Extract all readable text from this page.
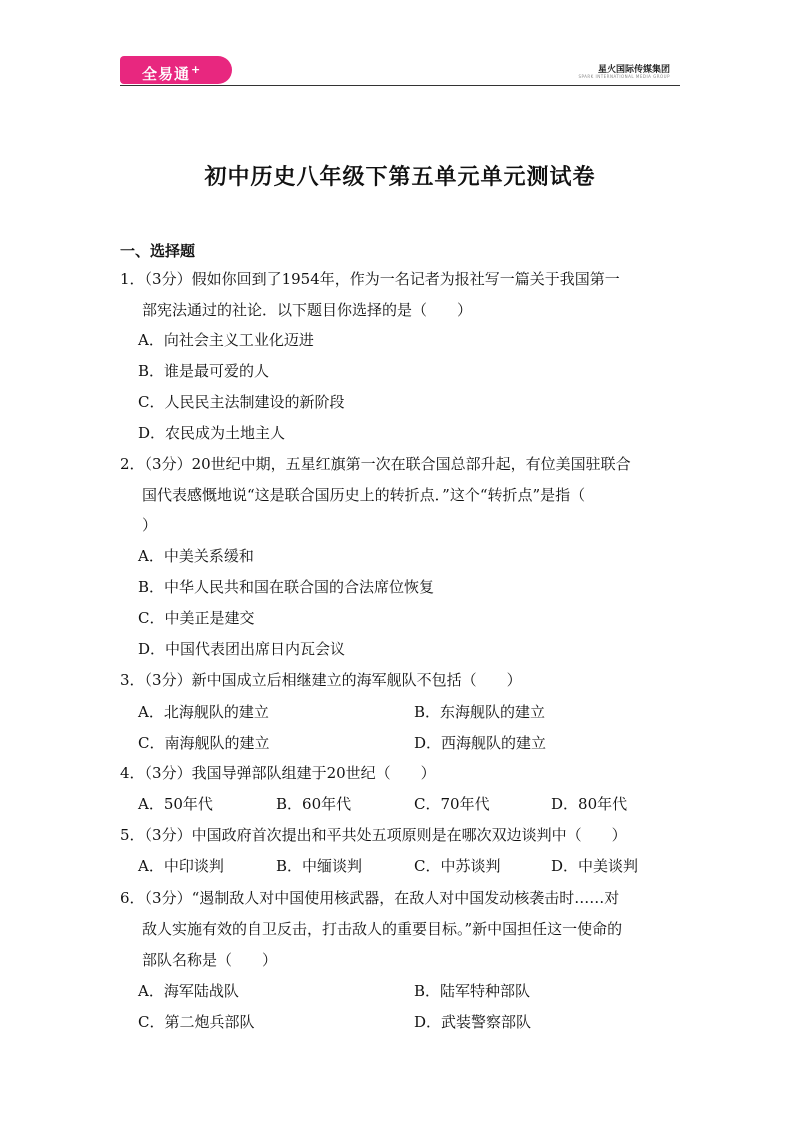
全易通+	星火国际传媒集团
SPARK INTERNATIONAL MEDIA GROUP
初中历史八年级下第五单元单元测试卷
一、选择题
1．（3分）假如你回到了1954年，作为一名记者为报社写一篇关于我国第一
部宪法通过的社论．以下题目你选择的是（　　）
A．向社会主义工业化迈进
B．谁是最可爱的人
C．人民民主法制建设的新阶段
D．农民成为土地主人
2．（3分）20世纪中期，五星红旗第一次在联合国总部升起，有位美国驻联合
国代表感慨地说“这是联合国历史上的转折点．”这个“转折点”是指（
）
A．中美关系缓和
B．中华人民共和国在联合国的合法席位恢复
C．中美正是建交
D．中国代表团出席日内瓦会议
3．（3分）新中国成立后相继建立的海军舰队不包括（　　）
A．北海舰队的建立	B．东海舰队的建立
C．南海舰队的建立	D．西海舰队的建立
4．（3分）我国导弹部队组建于20世纪（　　）
A．50年代	B．60年代	C．70年代	D．80年代
5．（3分）中国政府首次提出和平共处五项原则是在哪次双边谈判中（　　）
A．中印谈判	B．中缅谈判	C．中苏谈判	D．中美谈判
6．（3分）“遏制敌人对中国使用核武器，在敌人对中国发动核袭击时……对
敌人实施有效的自卫反击，打击敌人的重要目标。”新中国担任这一使命的
部队名称是（　　）
A．海军陆战队	B．陆军特种部队
C．第二炮兵部队	D．武装警察部队
